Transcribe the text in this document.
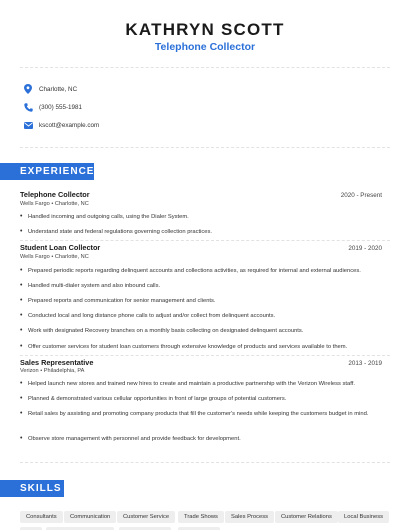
KATHRYN SCOTT
Telephone Collector
Charlotte, NC
(300) 555-1981
kscott@example.com
EXPERIENCE
Telephone Collector	2020 - Present
Wells Fargo • Charlotte, NC
• Handled incoming and outgoing calls, using the Dialer System.
• Understand state and federal regulations governing collection practices.
Student Loan Collector	2019 - 2020
Wells Fargo • Charlotte, NC
• Prepared periodic reports regarding delinquent accounts and collections activities, as required for internal and external audiences.
• Handled multi-dialer system and also inbound calls.
• Prepared reports and communication for senior management and clients.
• Conducted local and long distance phone calls to adjust and/or collect from delinquent accounts.
• Work with designated Recovery branches on a monthly basis collecting on designated delinquent accounts.
• Offer customer services for student loan customers through extensive knowledge of products and services available to them.
Sales Representative	2013 - 2019
Verizon • Philadelphia, PA
• Helped launch new stores and trained new hires to create and maintain a productive partnership with the Verizon Wireless staff.
• Planned & demonstrated various cellular opportunities in front of large groups of potential customers.
• Retail sales by assisting and promoting company products that fill the customer's needs while keeping the customers budget in mind.
• Observe store management with personnel and provide feedback for development.
SKILLS
Consultants	Communication	Customer Service	Trade Shows	Sales Process	Customer Relations	Local Business
